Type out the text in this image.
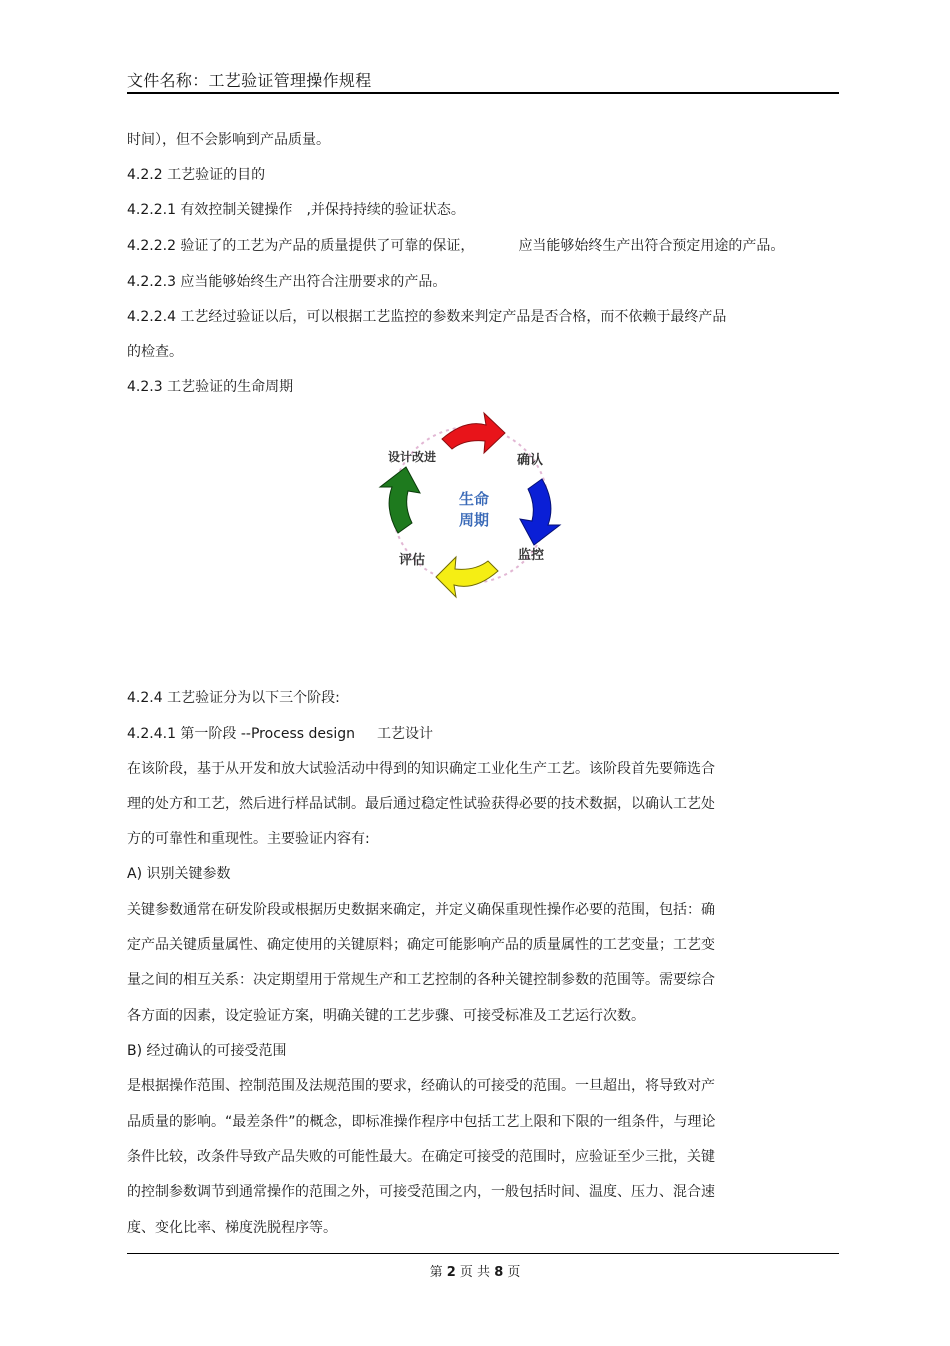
文件名称：工艺验证管理操作规程
时间），但不会影响到产品质量。
4.2.2 工艺验证的目的
4.2.2.1 有效控制关键操作 ,并保持持续的验证状态。
4.2.2.2 验证了的工艺为产品的质量提供了可靠的保证，	应当能够始终生产出符合预定用途的产品。
4.2.2.3 应当能够始终生产出符合注册要求的产品。
4.2.2.4 工艺经过验证以后，可以根据工艺监控的参数来判定产品是否合格，而不依赖于最终产品
的检查。
4.2.3 工艺验证的生命周期
生命
周期
确认
监控
评估
设计改进
4.2.4 工艺验证分为以下三个阶段:
4.2.4.1 第一阶段 --Process design 工艺设计
在该阶段，基于从开发和放大试验活动中得到的知识确定工业化生产工艺。该阶段首先要筛选合
理的处方和工艺，然后进行样品试制。最后通过稳定性试验获得必要的技术数据，以确认工艺处
方的可靠性和重现性。主要验证内容有:
A) 识别关键参数
关键参数通常在研发阶段或根据历史数据来确定，并定义确保重现性操作必要的范围，包括：确
定产品关键质量属性、确定使用的关键原料；确定可能影响产品的质量属性的工艺变量；工艺变
量之间的相互关系：决定期望用于常规生产和工艺控制的各种关键控制参数的范围等。需要综合
各方面的因素，设定验证方案，明确关键的工艺步骤、可接受标准及工艺运行次数。
B) 经过确认的可接受范围
是根据操作范围、控制范围及法规范围的要求，经确认的可接受的范围。一旦超出，将导致对产
品质量的影响。“最差条件”的概念，即标准操作程序中包括工艺上限和下限的一组条件，与理论
条件比较，改条件导致产品失败的可能性最大。在确定可接受的范围时，应验证至少三批，关键
的控制参数调节到通常操作的范围之外，可接受范围之内，一般包括时间、温度、压力、混合速
度、变化比率、梯度洗脱程序等。
第 2 页 共 8 页
